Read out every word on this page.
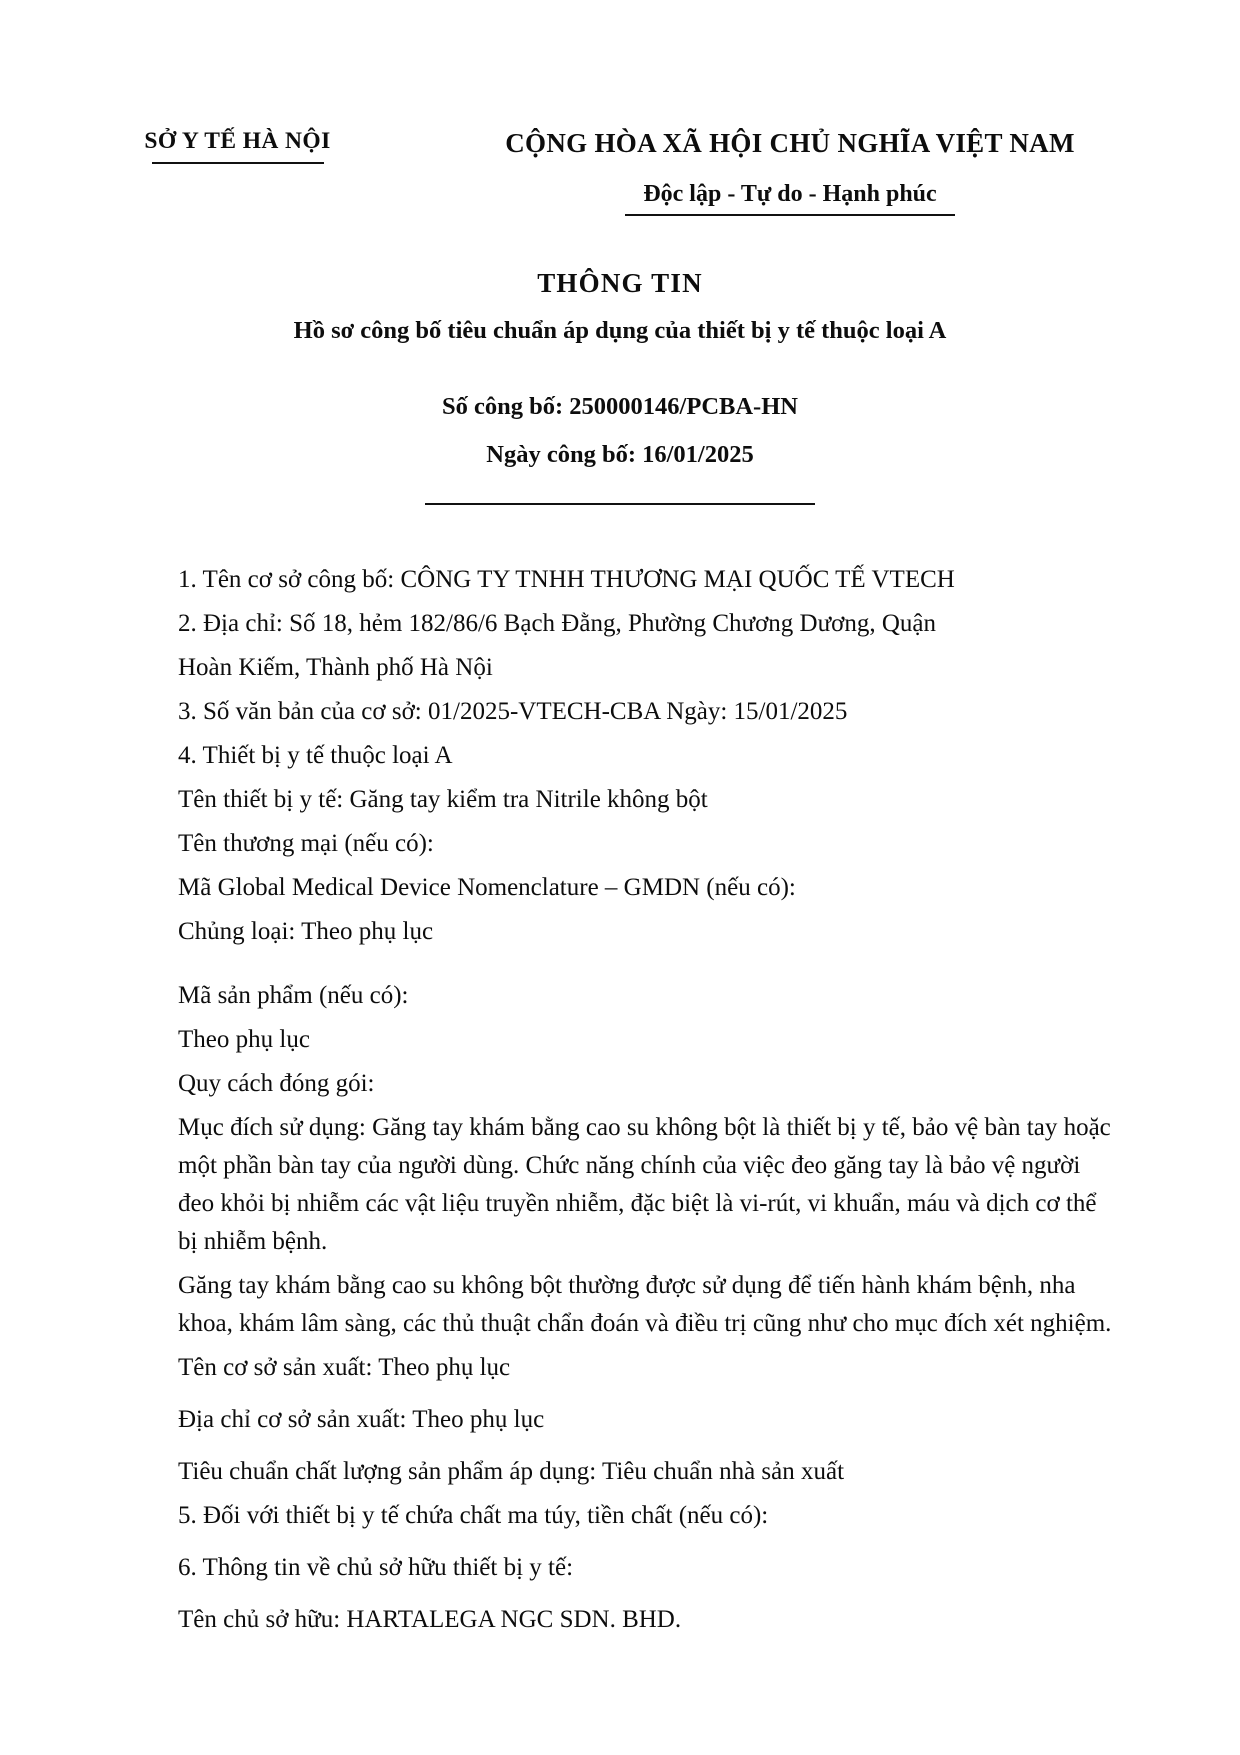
SỞ Y TẾ HÀ NỘI	CỘNG HÒA XÃ HỘI CHỦ NGHĨA VIỆT NAM
Độc lập - Tự do - Hạnh phúc
THÔNG TIN
Hồ sơ công bố tiêu chuẩn áp dụng của thiết bị y tế thuộc loại A
Số công bố: 250000146/PCBA-HN
Ngày công bố: 16/01/2025
1. Tên cơ sở công bố: CÔNG TY TNHH THƯƠNG MẠI QUỐC TẾ VTECH
2. Địa chỉ: Số 18, hẻm 182/86/6 Bạch Đằng, Phường Chương Dương, Quận
Hoàn Kiếm, Thành phố Hà Nội
3. Số văn bản của cơ sở: 01/2025-VTECH-CBA Ngày: 15/01/2025
4. Thiết bị y tế thuộc loại A
Tên thiết bị y tế: Găng tay kiểm tra Nitrile không bột
Tên thương mại (nếu có):
Mã Global Medical Device Nomenclature – GMDN (nếu có):
Chủng loại: Theo phụ lục
Mã sản phẩm (nếu có):
Theo phụ lục
Quy cách đóng gói:
Mục đích sử dụng: Găng tay khám bằng cao su không bột là thiết bị y tế, bảo vệ bàn tay hoặc một phần bàn tay của người dùng. Chức năng chính của việc đeo găng tay là bảo vệ người đeo khỏi bị nhiễm các vật liệu truyền nhiễm, đặc biệt là vi-rút, vi khuẩn, máu và dịch cơ thể bị nhiễm bệnh.
Găng tay khám bằng cao su không bột thường được sử dụng để tiến hành khám bệnh, nha khoa, khám lâm sàng, các thủ thuật chẩn đoán và điều trị cũng như cho mục đích xét nghiệm.
Tên cơ sở sản xuất: Theo phụ lục
Địa chỉ cơ sở sản xuất: Theo phụ lục
Tiêu chuẩn chất lượng sản phẩm áp dụng: Tiêu chuẩn nhà sản xuất
5. Đối với thiết bị y tế chứa chất ma túy, tiền chất (nếu có):
6. Thông tin về chủ sở hữu thiết bị y tế:
Tên chủ sở hữu: HARTALEGA NGC SDN. BHD.
